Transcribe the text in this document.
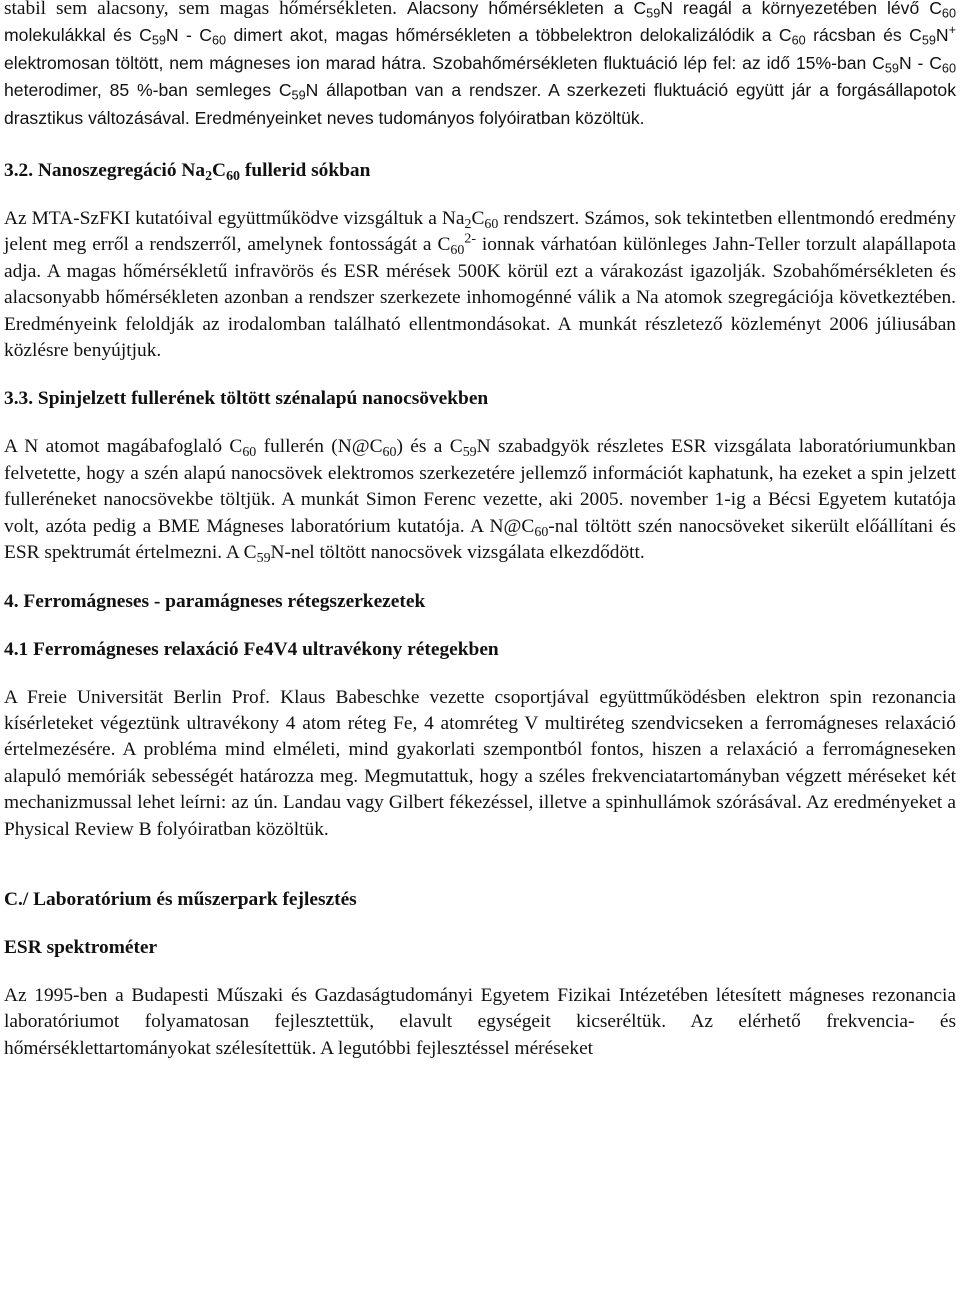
stabil sem alacsony, sem magas hőmérsékleten. Alacsony hőmérsékleten a $C_{59}N$ reagál a környezetében lévő $C_{60}$ molekulákkal és $C_{59}N - C_{60}$ dimert akot, magas hőmérsékleten a többelektron delokalizálódik a $C_{60}$ rácsban és $C_{59}N^+$ elektromosan töltött, nem mágneses ion marad hátra. Szobahőmérsékleten fluktuáció lép fel: az idő 15%-ban $C_{59}N - C_{60}$ heterodimer, 85 %-ban semleges $C_{59}N$ állapotban van a rendszer. A szerkezeti fluktuáció együtt jár a forgásállapotok drasztikus változásával. Eredményeinket neves tudományos folyóiratban közöltük.

3.2. Nanoszegregáció $Na_2C_{60}$ fullerid sókban

Az MTA-SzFKI kutatóival együttműködve vizsgáltuk a $Na_2C_{60}$ rendszert. Számos, sok tekintetben ellentmondó eredmény jelent meg erről a rendszerről, amelynek fontosságát a $C_{60}^{2-}$ ionnak várhatóan különleges Jahn-Teller torzult alapállapota adja. A magas hőmérsékletű infravörös és ESR mérések 500K körül ezt a várakozást igazolják. Szobahőmérsékleten és alacsonyabb hőmérsékleten azonban a rendszer szerkezete inhomogénné válik a Na atomok szegregációja következtében. Eredményeink feloldják az irodalomban található ellentmondásokat. A munkát részletező közleményt 2006 júliusában közlésre benyújtjuk.

3.3. Spinjelzett fullerének töltött szénalapú nanocsövekben

A N atomot magábafoglaló $C_{60}$ fullerén $(N@C_{60})$ és a $C_{59}N$ szabadgyök részletes ESR vizsgálata laboratóriumunkban felvetette, hogy a szén alapú nanocsövek elektromos szerkezetére jellemző információt kaphatunk, ha ezeket a spin jelzett fulleréneket nanocsövekbe töltjük. A munkát Simon Ferenc vezette, aki 2005. november 1-ig a Bécsi Egyetem kutatója volt, azóta pedig a BME Mágneses laboratórium kutatója. A $N@C_{60}$-nal töltött szén nanocsöveket sikerült előállítani és ESR spektrumát értelmezni. A $C_{59}N$-nel töltött nanocsövek vizsgálata elkezdődött.

4. Ferromágneses - paramágneses rétegszerkezetek
4.1 Ferromágneses relaxáció Fe4V4 ultravékony rétegekben

A Freie Universität Berlin Prof. Klaus Babeschke vezette csoportjával együttműködésben elektron spin rezonancia kísérleteket végeztünk ultravékony 4 atom réteg Fe, 4 atomréteg V multiréteg szendvicseken a ferromágneses relaxáció értelmezésére. A probléma mind elméleti, mind gyakorlati szempontból fontos, hiszen a relaxáció a ferromágneseken alapuló memóriák sebességét határozza meg. Megmutattuk, hogy a széles frekvenciatartományban végzett méréseket két mechanizmussal lehet leírni: az ún. Landau vagy Gilbert fékezéssel, illetve a spinhullámok szórásával. Az eredményeket a Physical Review B folyóiratban közöltük.

C./ Laboratórium és műszerpark fejlesztés
ESR spektrométer

Az 1995-ben a Budapesti Műszaki és Gazdaságtudományi Egyetem Fizikai Intézetében létesített mágneses rezonancia laboratóriumot folyamatosan fejlesztettük, elavult egységeit kicseréltük. Az elérhető frekvencia- és hőmérséklettartományokat szélesítettük. A legutóbbi fejlesztéssel méréseket
